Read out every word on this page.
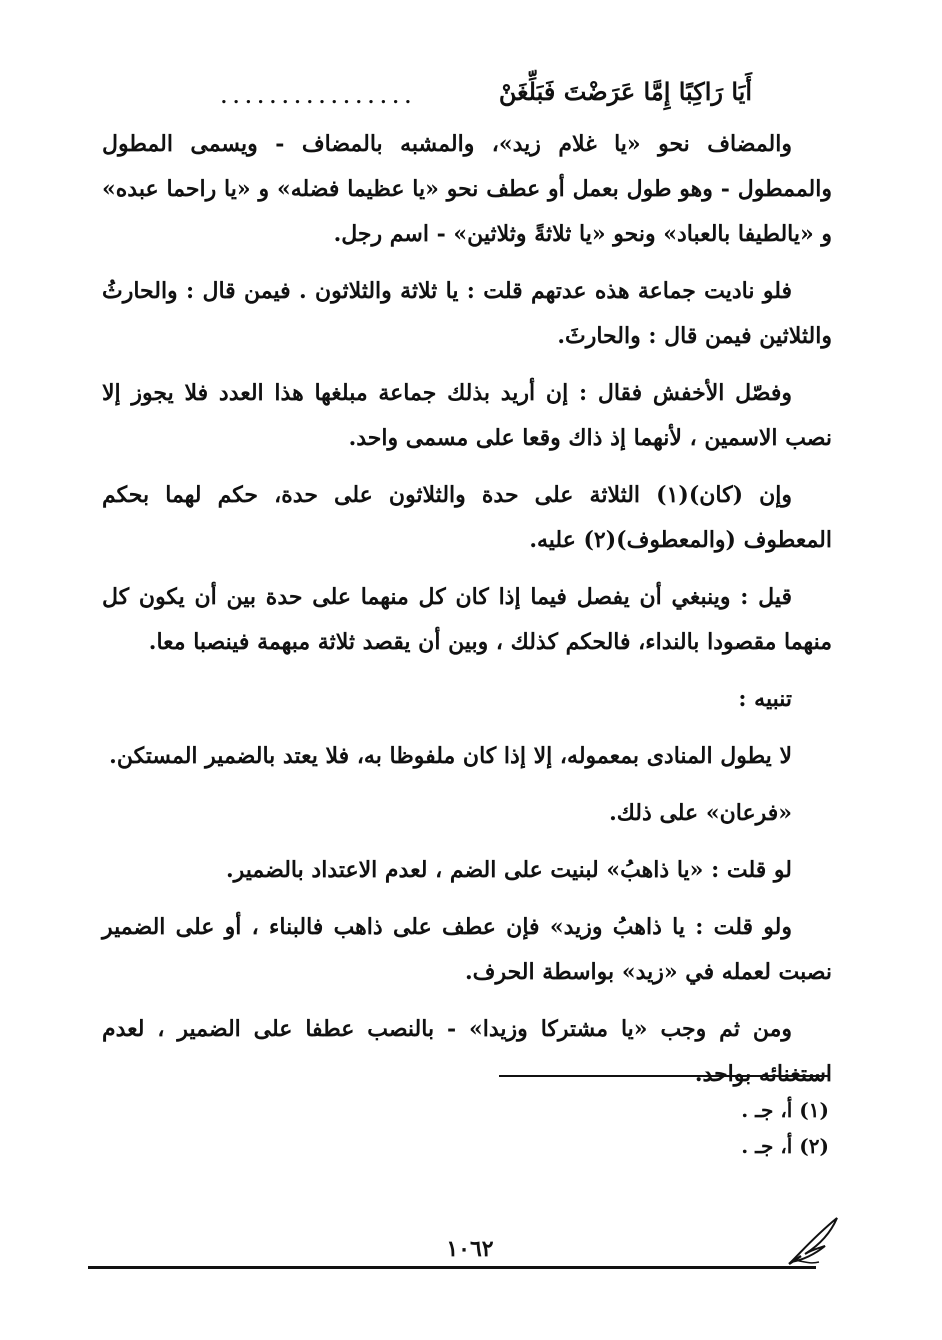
أَيَا رَاكِبًا إِمَّا عَرَضْتَ فَبَلِّغَنْ
................

والمضاف نحو «يا غلام زيد»، والمشبه بالمضاف - ويسمى المطول والممطول - وهو طول بعمل أو عطف نحو «يا عظيما فضله» و «يا راحما عبده» و «يالطيفا بالعباد» ونحو «يا ثلاثةً وثلاثين» - اسم رجل.

فلو ناديت جماعة هذه عدتهم قلت : يا ثلاثة والثلاثون . فيمن قال : والحارثُ والثلاثين فيمن قال : والحارثَ.

وفصّل الأخفش فقال : إن أريد بذلك جماعة مبلغها هذا العدد فلا يجوز إلا نصب الاسمين ، لأنهما إذ ذاك وقعا على مسمى واحد.

وإن (كان)(١) الثلاثة على حدة والثلاثون على حدة، حكم لهما بحكم المعطوف (والمعطوف)(٢) عليه.

قيل : وينبغي أن يفصل فيما إذا كان كل منهما على حدة بين أن يكون كل منهما مقصودا بالنداء، فالحكم كذلك ، وبين أن يقصد ثلاثة مبهمة فينصبا معا.

تنبيه :

لا يطول المنادى بمعموله، إلا إذا كان ملفوظا به، فلا يعتد بالضمير المستكن.

«فرعان» على ذلك.

لو قلت : «يا ذاهبُ» لبنيت على الضم ، لعدم الاعتداد بالضمير.

ولو قلت : يا ذاهبُ وزيد» فإن عطف على ذاهب فالبناء ، أو على الضمير نصبت لعمله في «زيد» بواسطة الحرف.

ومن ثم وجب «يا مشتركا وزيدا» - بالنصب عطفا على الضمير ، لعدم استغنائه بواحد.

(١) أ، جـ .
(٢) أ، جـ .
١٠٦٢
